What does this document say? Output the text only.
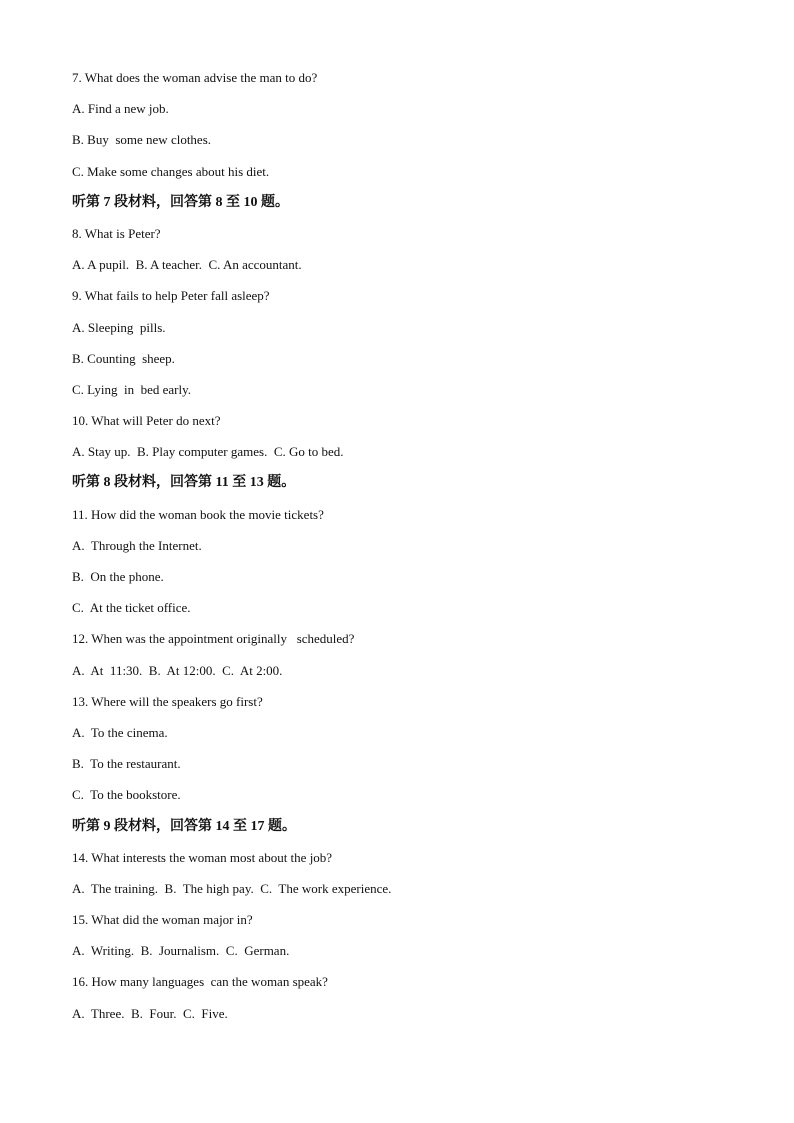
7. What does the woman advise the man to do?

A. Find a new job.

B. Buy  some new clothes.

C. Make some changes about his diet.

听第 7 段材料，回答第 8 至 10 题。

8. What is Peter?

A. A pupil.  B. A teacher.  C. An accountant.

9. What fails to help Peter fall asleep?

A. Sleeping  pills.

B. Counting  sheep.

C. Lying  in  bed early.

10. What will Peter do next?

A. Stay up.  B. Play computer games.  C. Go to bed.

听第 8 段材料，回答第 11 至 13 题。

11. How did the woman book the movie tickets?

A.  Through the Internet.

B.  On the phone.

C.  At the ticket office.

12. When was the appointment originally   scheduled?

A.  At  11:30.  B.  At 12:00.  C.  At 2:00.

13. Where will the speakers go first?

A.  To the cinema.

B.  To the restaurant.

C.  To the bookstore.

听第 9 段材料，回答第 14 至 17 题。

14. What interests the woman most about the job?

A.  The training.  B.  The high pay.  C.  The work experience.

15. What did the woman major in?

A.  Writing.  B.  Journalism.  C.  German.

16. How many languages  can the woman speak?

A.  Three.  B.  Four.  C.  Five.
